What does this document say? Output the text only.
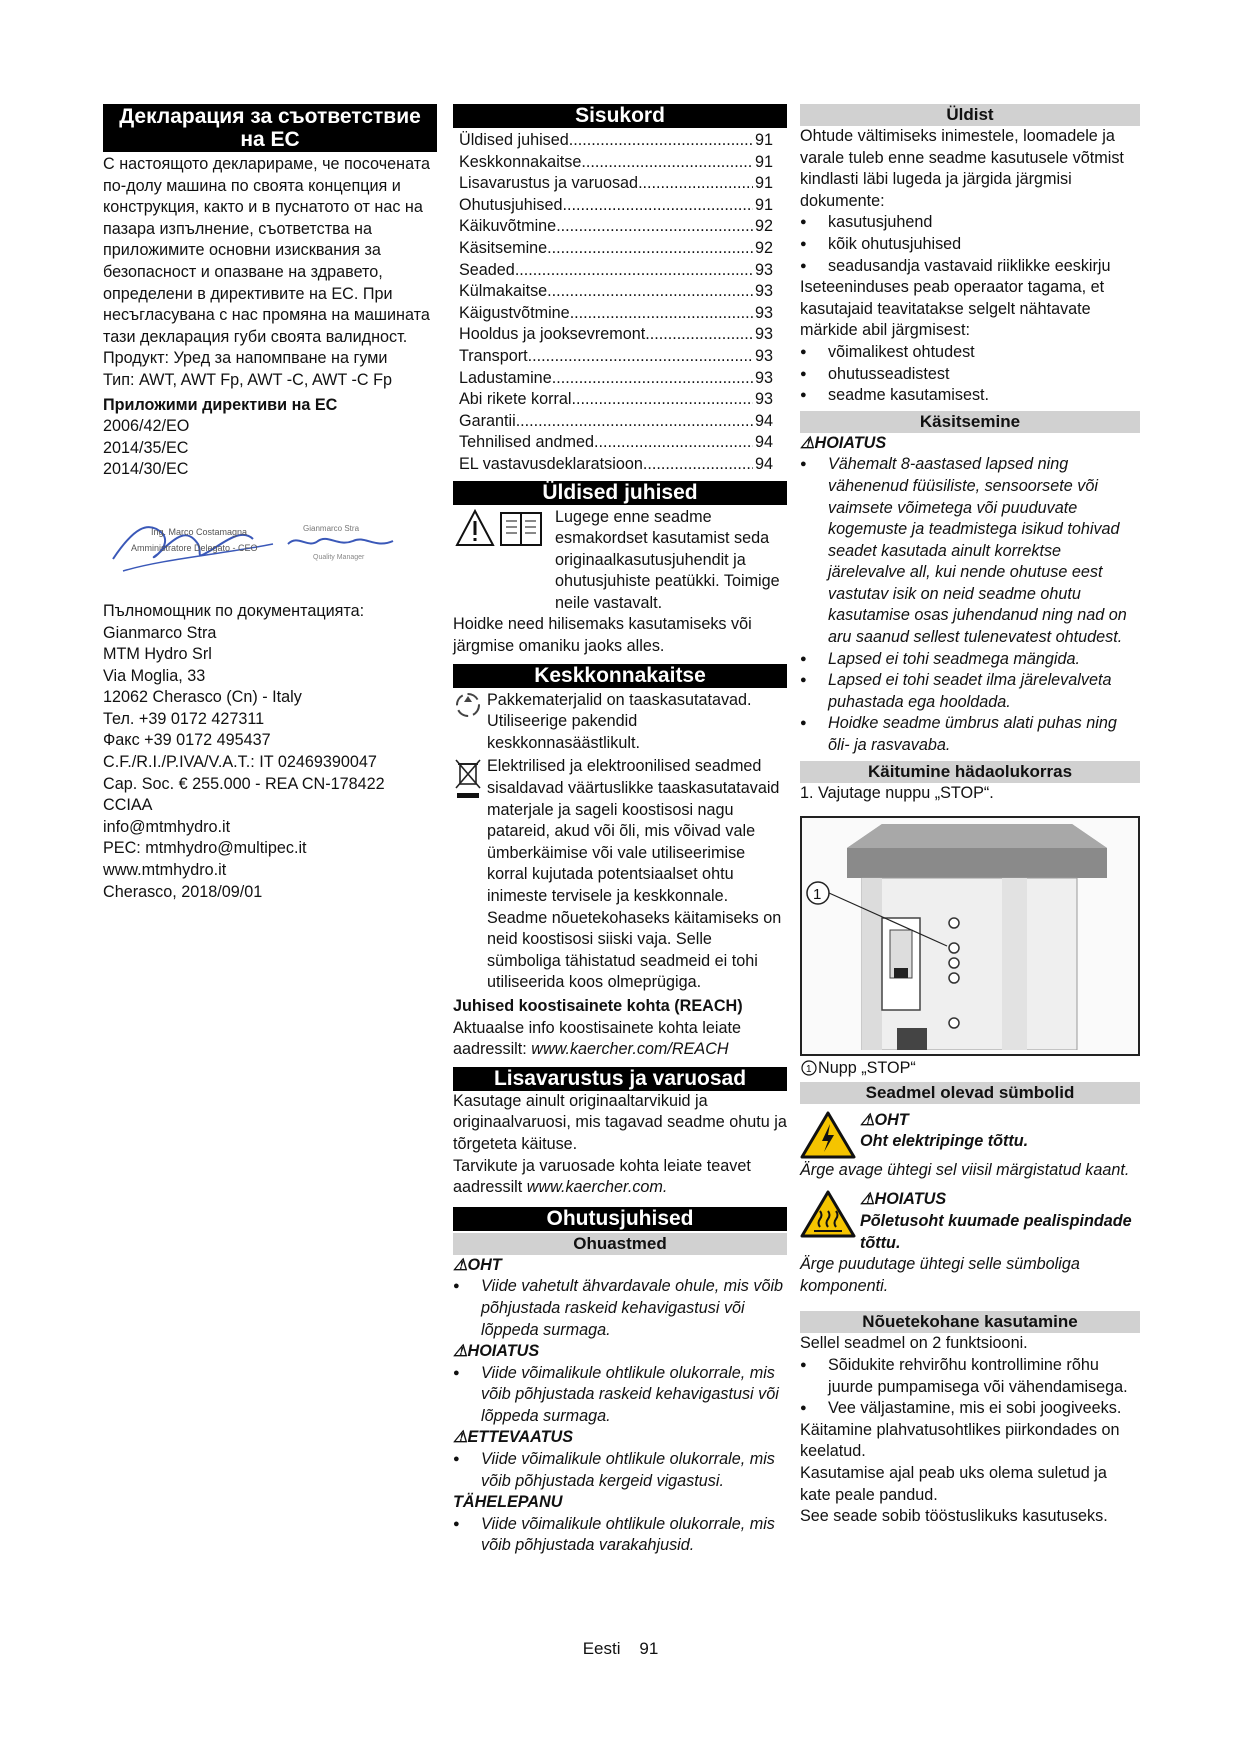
Декларация за съответствие на ЕС

С настоящото декларираме, че посочената по-долу машина по своята концепция и конструкция, както и в пуснатото от нас на пазара изпълнение, съответства на приложимите основни изисквания за безопасност и опазване на здравето, определени в директивите на ЕС. При несъгласувана с нас промяна на машината тази декларация губи своята валидност.

Продукт: Уред за напомпване на гуми

Тип: AWT, AWT Fp, AWT -C, AWT -C Fp

Приложими директиви на ЕС

2006/42/EO

2014/35/EC

2014/30/EC

Ing. Marco Costamagna
Amministratore Delegato - CEO
Gianmarco Stra
Quality Manager

Пълномощник по документацията:

Gianmarco Stra

MTM Hydro Srl

Via Moglia, 33

12062 Cherasco (Cn) - Italy

Тел. +39 0172 427311

Факс +39 0172 495437

C.F./R.I./P.IVA/V.A.T.: IT 02469390047

Cap. Soc. € 255.000 - REA CN-178422

CCIAA

info@mtmhydro.it

PEC: mtmhydro@multipec.it

www.mtmhydro.it

Cherasco, 2018/09/01

Sisukord
Üldised juhised .....	91
Keskkonnakaitse .....	91
Lisavarustus ja varuosad .....	91
Ohutusjuhised .....	91
Käikuvõtmine .....	92
Käsitsemine .....	92
Seaded .....	93
Külmakaitse .....	93
Käigustvõtmine .....	93
Hooldus ja jooksevremont .....	93
Transport .....	93
Ladustamine .....	93
Abi rikete korral .....	93
Garantii .....	94
Tehnilised andmed .....	94
EL vastavusdeklaratsioon .....	94
Üldised juhised

Lugege enne seadme esmakordset kasutamist seda originaalkasutusjuhendit ja ohutusjuhiste peatükki. Toimige neile vastavalt.

Hoidke need hilisemaks kasutamiseks või järgmise omaniku jaoks alles.

Keskkonnakaitse

Pakkematerjalid on taaskasutatavad. Utiliseerige pakendid keskkonnasäästlikult.

Elektrilised ja elektroonilised seadmed sisaldavad väärtuslikke taaskasutatavaid materjale ja sageli koostisosi nagu patareid, akud või õli, mis võivad vale ümberkäimise või vale utiliseerimise korral kujutada potentsiaalset ohtu inimeste tervisele ja keskkonnale. Seadme nõuetekohaseks käitamiseks on neid koostisosi siiski vaja. Selle sümboliga tähistatud seadmeid ei tohi utiliseerida koos olmeprügiga.

Juhised koostisainete kohta (REACH)

Aktuaalse info koostisainete kohta leiate aadressilt: www.kaercher.com/REACH

Lisavarustus ja varuosad

Kasutage ainult originaaltarvikuid ja originaalvaruosi, mis tagavad seadme ohutu ja tõrgeteta käituse.

Tarvikute ja varuosade kohta leiate teavet aadressilt www.kaercher.com.

Ohutusjuhised
Ohuastmed

⚠OHT

● Viide vahetult ähvardavale ohule, mis võib põhjustada raskeid kehavigastusi või lõppeda surmaga.

⚠HOIATUS

● Viide võimalikule ohtlikule olukorrale, mis võib põhjustada raskeid kehavigastusi või lõppeda surmaga.

⚠ETTEVAATUS

● Viide võimalikule ohtlikule olukorrale, mis võib põhjustada kergeid vigastusi.

TÄHELEPANU

● Viide võimalikule ohtlikule olukorrale, mis võib põhjustada varakahjusid.

Üldist

Ohtude vältimiseks inimestele, loomadele ja varale tuleb enne seadme kasutusele võtmist kindlasti läbi lugeda ja järgida järgmisi dokumente:

● kasutusjuhend

● kõik ohutusjuhised

● seadusandja vastavaid riiklikke eeskirju

Iseteeninduses peab operaator tagama, et kasutajaid teavitatakse selgelt nähtavate märkide abil järgmisest:

● võimalikest ohtudest

● ohutusseadistest

● seadme kasutamisest.

Käsitsemine

⚠HOIATUS

● Vähemalt 8-aastased lapsed ning vähenenud füüsiliste, sensoorsete või vaimsete võimetega või puuduvate kogemuste ja teadmistega isikud tohivad seadet kasutada ainult korrektse järelevalve all, kui nende ohutuse eest vastutav isik on neid seadme ohutu kasutamise osas juhendanud ning nad on aru saanud sellest tulenevatest ohtudest.

● Lapsed ei tohi seadmega mängida.

● Lapsed ei tohi seadet ilma järelevalveta puhastada ega hooldada.

● Hoidke seadme ümbrus alati puhas ning õli- ja rasvavaba.

Käitumine hädaolukorras

1. Vajutage nuppu „STOP“.

1
1 Nupp „STOP“

Seadmel olevad sümbolid

⚠OHT

Oht elektripinge tõttu.

Ärge avage ühtegi sel viisil märgistatud kaant.

⚠HOIATUS

Põletusoht kuumade pealispindade tõttu.

Ärge puudutage ühtegi selle sümboliga komponenti.

Nõuetekohane kasutamine

Sellel seadmel on 2 funktsiooni.

● Sõidukite rehvirõhu kontrollimine rõhu juurde pumpamisega või vähendamisega.

● Vee väljastamine, mis ei sobi joogiveeks.

Käitamine plahvatusohtlikes piirkondades on keelatud.

Kasutamise ajal peab uks olema suletud ja kate peale pandud.

See seade sobib tööstuslikuks kasutuseks.

Eesti 91
